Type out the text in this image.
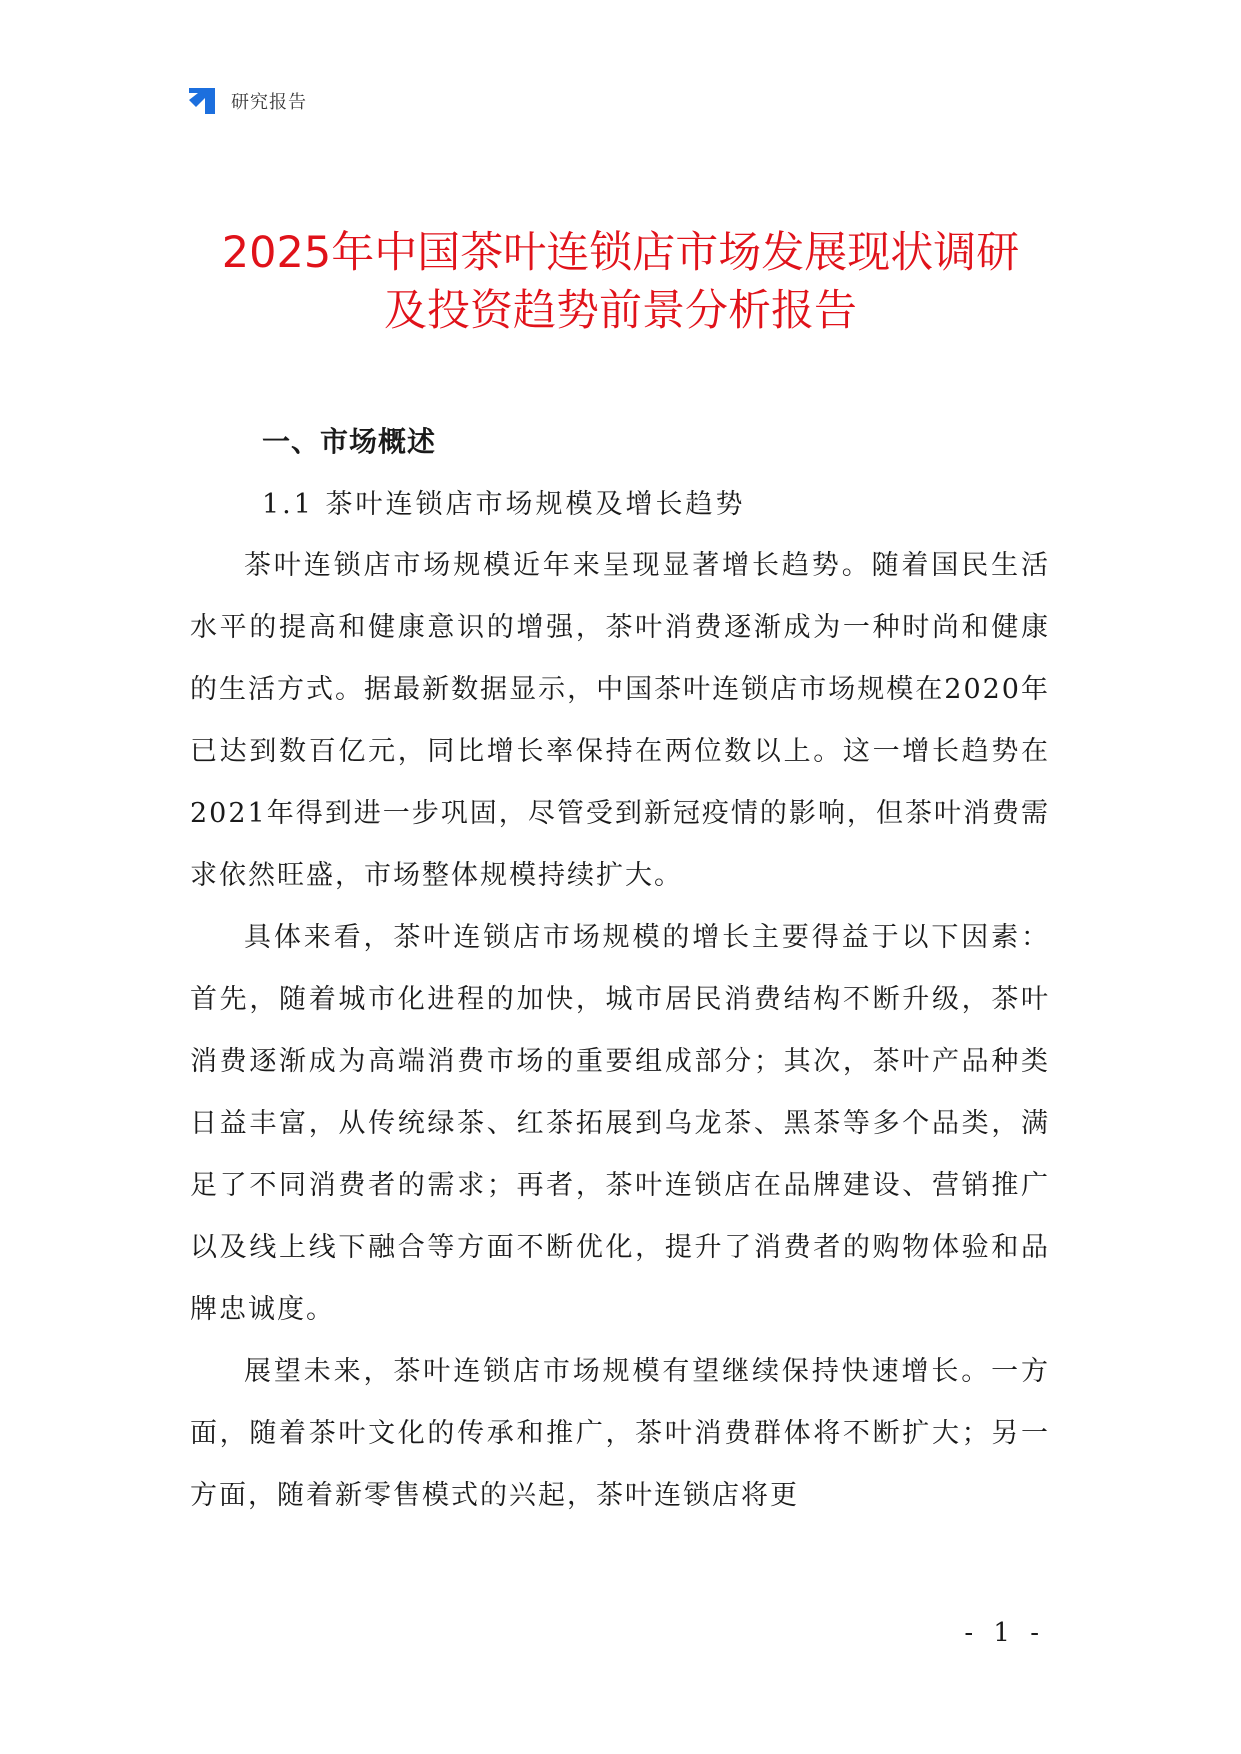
研究报告
2025年中国茶叶连锁店市场发展现状调研
及投资趋势前景分析报告
一、市场概述
1.1 茶叶连锁店市场规模及增长趋势

茶叶连锁店市场规模近年来呈现显著增长趋势。随着国民生活水平的提高和健康意识的增强，茶叶消费逐渐成为一种时尚和健康的生活方式。据最新数据显示，中国茶叶连锁店市场规模在2020年已达到数百亿元，同比增长率保持在两位数以上。这一增长趋势在2021年得到进一步巩固，尽管受到新冠疫情的影响，但茶叶消费需求依然旺盛，市场整体规模持续扩大。

具体来看，茶叶连锁店市场规模的增长主要得益于以下因素：首先，随着城市化进程的加快，城市居民消费结构不断升级，茶叶消费逐渐成为高端消费市场的重要组成部分；其次，茶叶产品种类日益丰富，从传统绿茶、红茶拓展到乌龙茶、黑茶等多个品类，满足了不同消费者的需求；再者，茶叶连锁店在品牌建设、营销推广以及线上线下融合等方面不断优化，提升了消费者的购物体验和品牌忠诚度。

展望未来，茶叶连锁店市场规模有望继续保持快速增长。一方面，随着茶叶文化的传承和推广，茶叶消费群体将不断扩大；另一方面，随着新零售模式的兴起，茶叶连锁店将更

- 1 -
